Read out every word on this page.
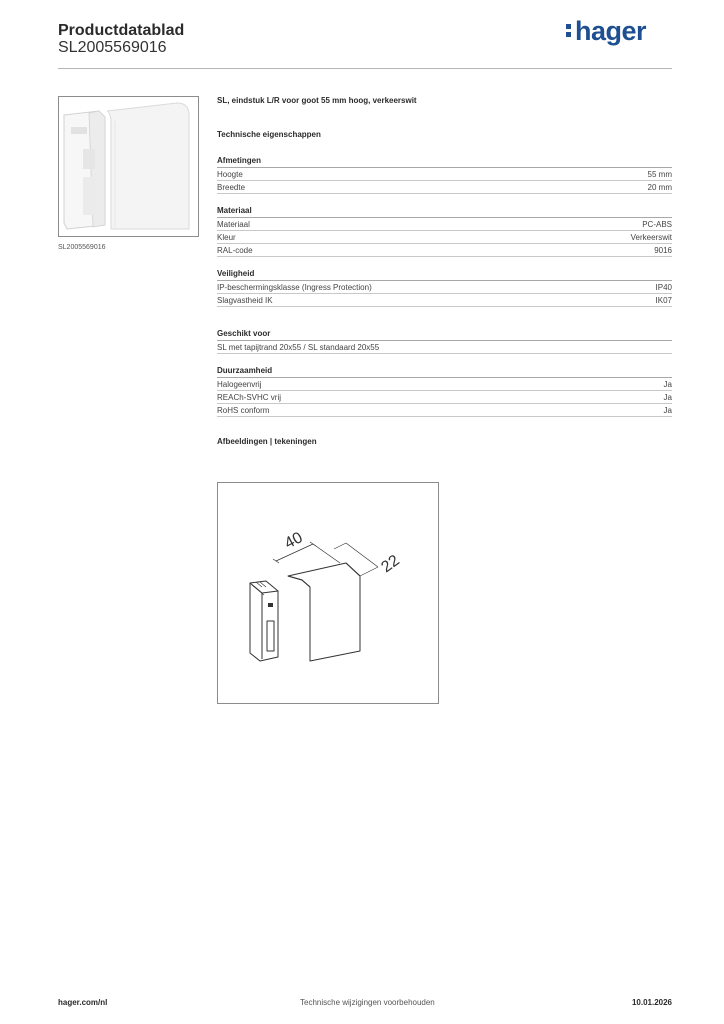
Productdatablad
SL2005569016
hager
SL2005569016
SL, eindstuk L/R voor goot 55 mm hoog, verkeerswit
Technische eigenschappen
Afmetingen
Hoogte	55 mm
Breedte	20 mm
Materiaal
Materiaal	PC-ABS
Kleur	Verkeerswit
RAL-code	9016
Veiligheid
IP-beschermingsklasse (Ingress Protection)	IP40
Slagvastheid IK	IK07
Geschikt voor
SL met tapijtrand 20x55 / SL standaard 20x55
Duurzaamheid
Halogeenvrij	Ja
REACh-SVHC vrij	Ja
RoHS conform	Ja
Afbeeldingen | tekeningen
40
22
hager.com/nl	Technische wijzigingen voorbehouden	10.01.2026
